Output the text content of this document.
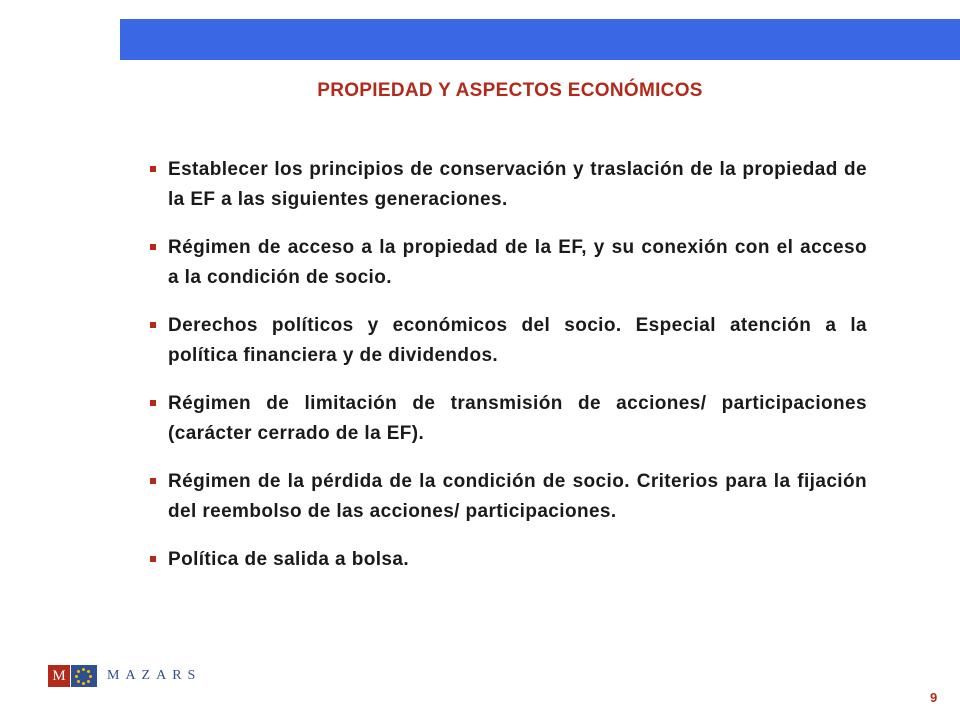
PROPIEDAD Y ASPECTOS ECONÓMICOS
Establecer los principios de conservación y traslación de la propiedad de la EF a las siguientes generaciones.
Régimen de acceso a la propiedad de la EF, y su conexión con el acceso a la condición de socio.
Derechos políticos y económicos del socio. Especial atención a la política financiera y de dividendos.
Régimen de limitación de transmisión de acciones/ participaciones (carácter cerrado de la EF).
Régimen de la pérdida de la condición de socio. Criterios para la fijación del reembolso de las acciones/ participaciones.
Política de salida a bolsa.
M	MAZARS
9
